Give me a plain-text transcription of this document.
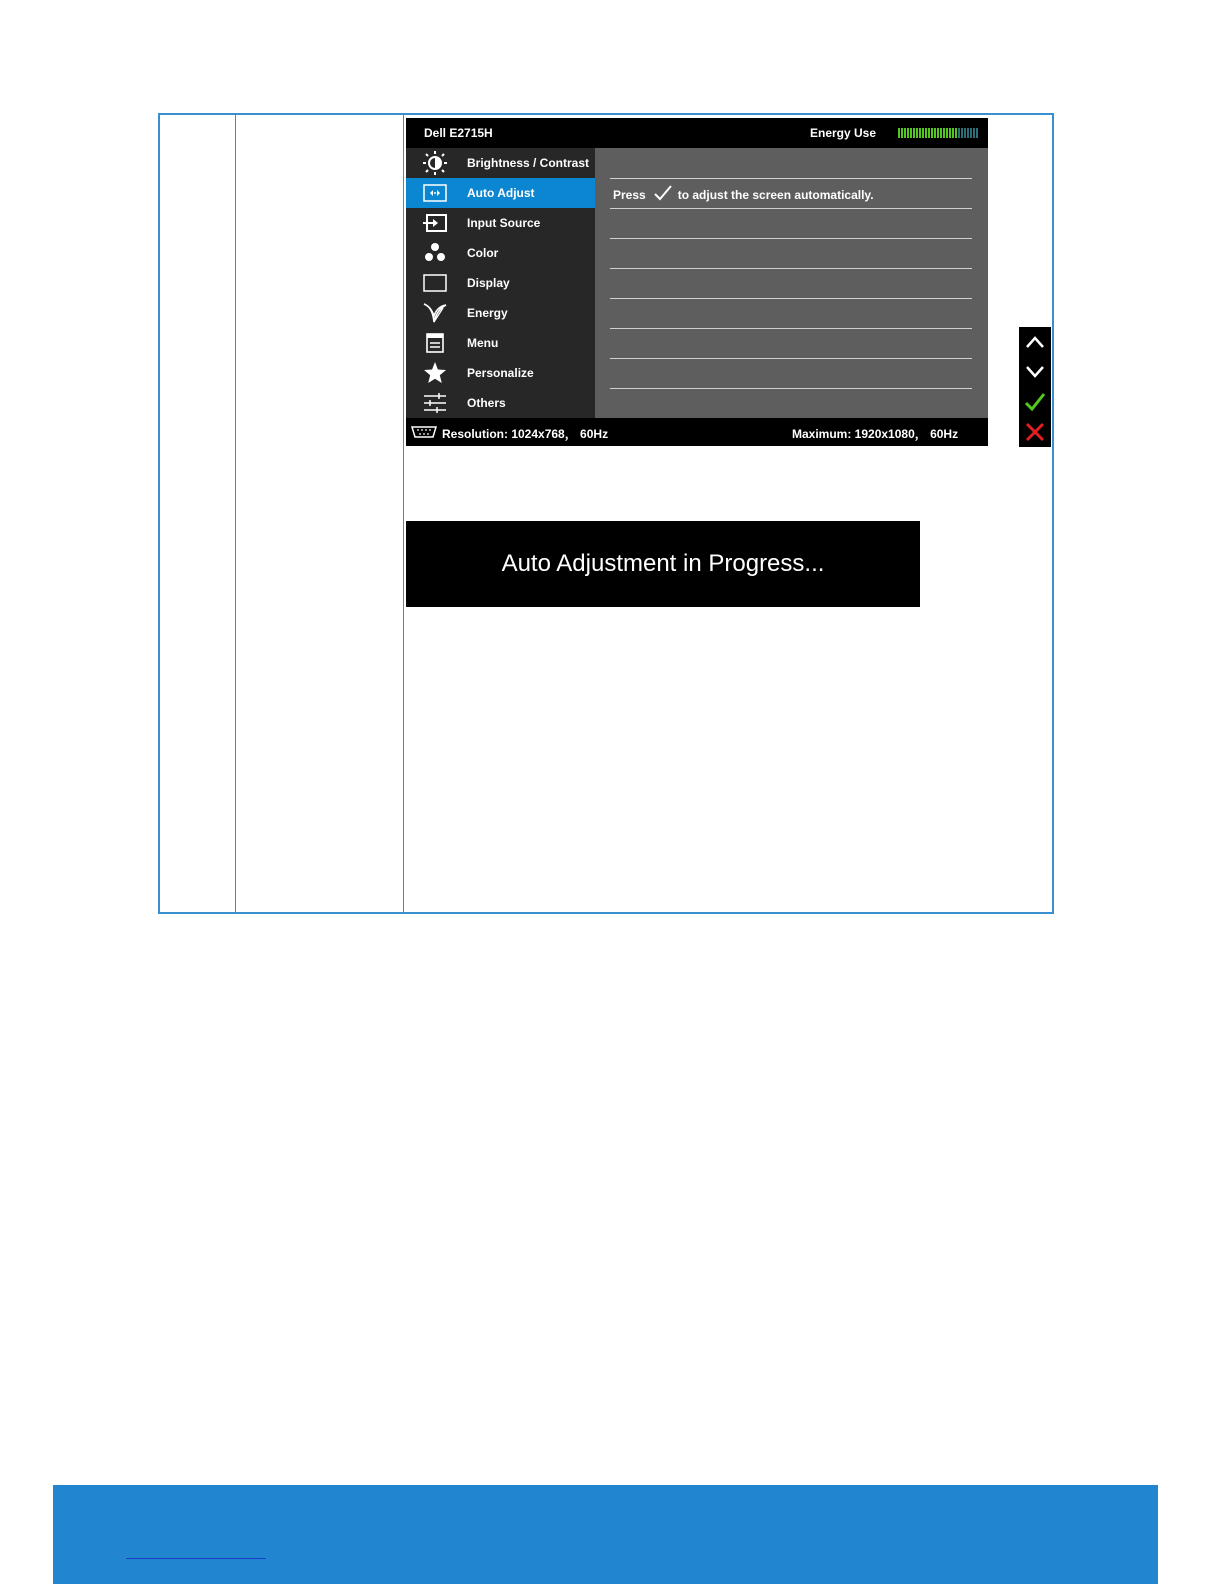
Dell E2715H	Energy Use
Brightness / Contrast
Auto Adjust
Input Source
Color
Display
Energy
Menu
Personalize
Others
Press	to adjust the screen automatically.
Resolution: 1024x768， 60Hz	Maximum: 1920x1080， 60Hz
Auto Adjustment in Progress...
